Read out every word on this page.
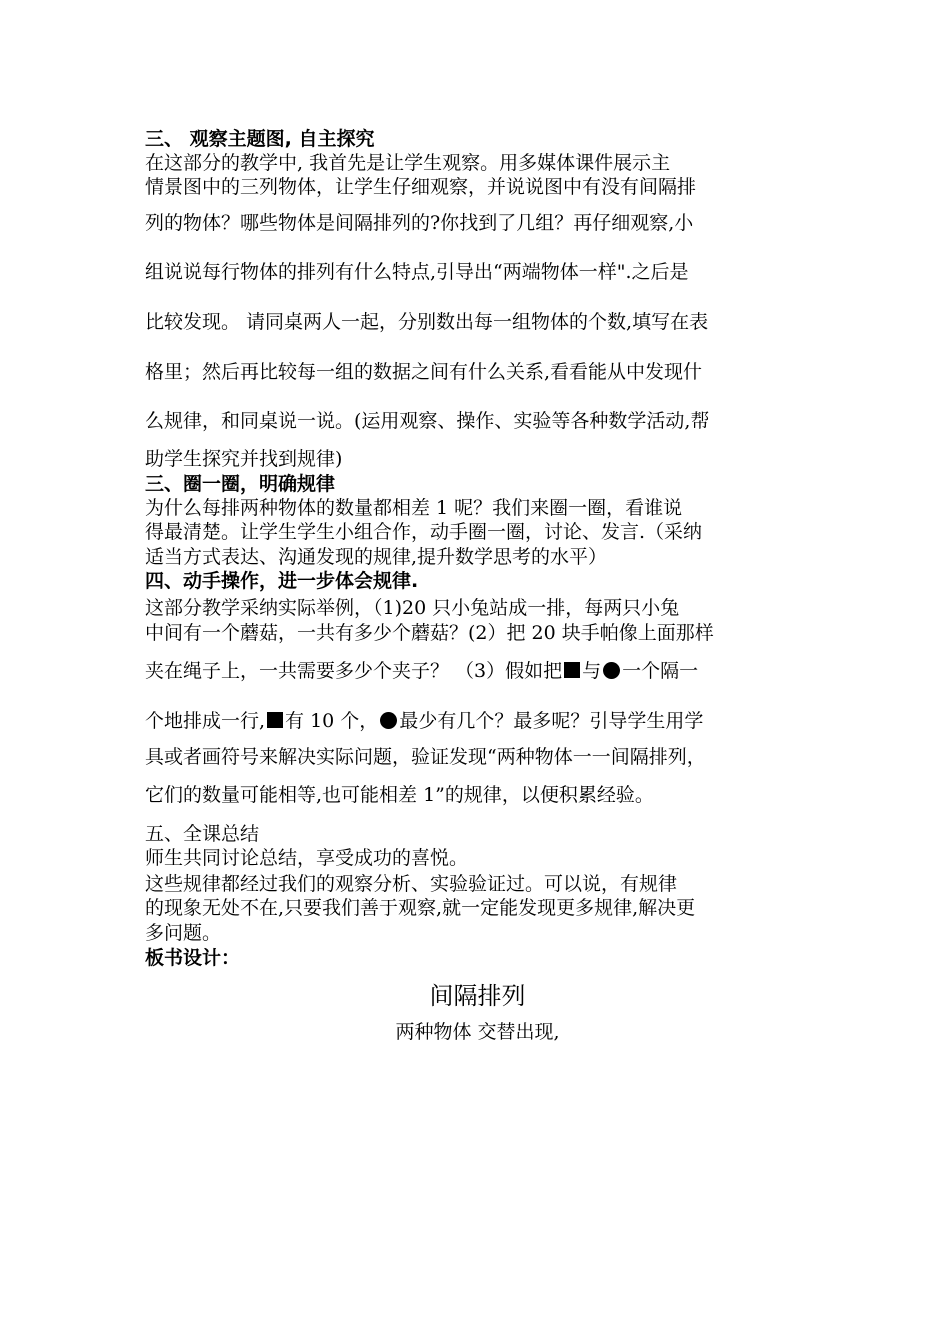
三、 观察主题图, 自主探究
在这部分的教学中, 我首先是让学生观察。用多媒体课件展示主
情景图中的三列物体，让学生仔细观察，并说说图中有没有间隔排
列的物体？哪些物体是间隔排列的?你找到了几组？再仔细观察,小
组说说每行物体的排列有什么特点,引导出“两端物体一样".之后是
比较发现。 请同桌两人一起，分别数出每一组物体的个数,填写在表
格里；然后再比较每一组的数据之间有什么关系,看看能从中发现什
么规律，和同桌说一说。(运用观察、操作、实验等各种数学活动,帮
助学生探究并找到规律)
三、圈一圈，明确规律
为什么每排两种物体的数量都相差 1 呢？我们来圈一圈，看谁说
得最清楚。让学生学生小组合作，动手圈一圈，讨论、发言.（采纳
适当方式表达、沟通发现的规律,提升数学思考的水平）
四、动手操作，进一步体会规律.
这部分教学采纳实际举例，（1)20 只小兔站成一排，每两只小兔
中间有一个蘑菇，一共有多少个蘑菇？(2）把 20 块手帕像上面那样
夹在绳子上，一共需要多少个夹子？ （3）假如把 与 一个隔一
个地排成一行, 有 10 个， 最少有几个？最多呢？引导学生用学
具或者画符号来解决实际问题，验证发现“两种物体一一间隔排列，
它们的数量可能相等,也可能相差 1”的规律，以便积累经验。
五、全课总结
师生共同讨论总结，享受成功的喜悦。
这些规律都经过我们的观察分析、实验验证过。可以说，有规律
的现象无处不在,只要我们善于观察,就一定能发现更多规律,解决更
多问题。
板书设计：
间隔排列
两种物体 交替出现,
